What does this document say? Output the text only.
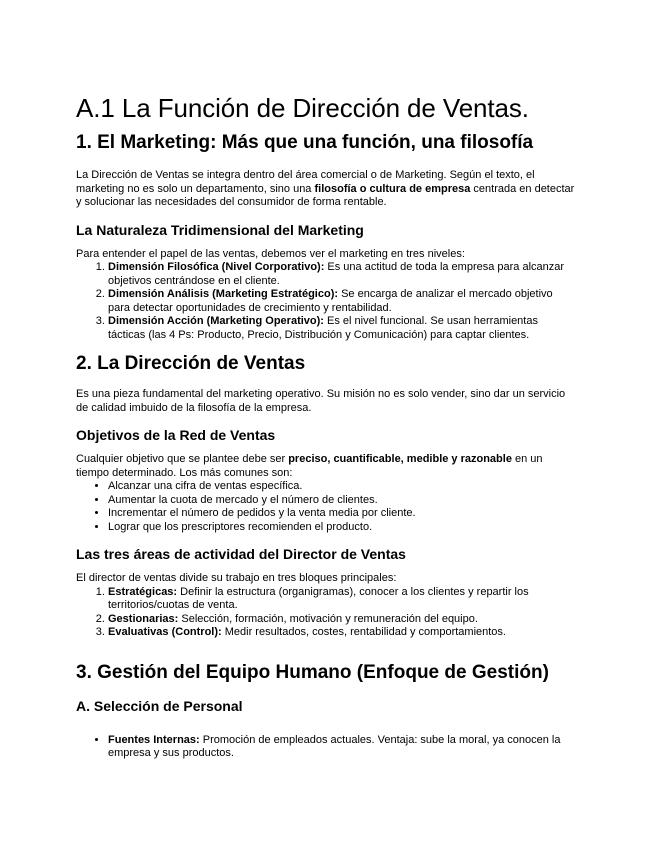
A.1 La Función de Dirección de Ventas.
1. El Marketing: Más que una función, una filosofía

La Dirección de Ventas se integra dentro del área comercial o de Marketing. Según el texto, el marketing no es solo un departamento, sino una filosofía o cultura de empresa centrada en detectar y solucionar las necesidades del consumidor de forma rentable.

La Naturaleza Tridimensional del Marketing

Para entender el papel de las ventas, debemos ver el marketing en tres niveles:

1. Dimensión Filosófica (Nivel Corporativo): Es una actitud de toda la empresa para alcanzar objetivos centrándose en el cliente.
2. Dimensión Análisis (Marketing Estratégico): Se encarga de analizar el mercado objetivo para detectar oportunidades de crecimiento y rentabilidad.
3. Dimensión Acción (Marketing Operativo): Es el nivel funcional. Se usan herramientas tácticas (las 4 Ps: Producto, Precio, Distribución y Comunicación) para captar clientes.
2. La Dirección de Ventas

Es una pieza fundamental del marketing operativo. Su misión no es solo vender, sino dar un servicio de calidad imbuido de la filosofía de la empresa.

Objetivos de la Red de Ventas

Cualquier objetivo que se plantee debe ser preciso, cuantificable, medible y razonable en un tiempo determinado. Los más comunes son:

• Alcanzar una cifra de ventas específica.
• Aumentar la cuota de mercado y el número de clientes.
• Incrementar el número de pedidos y la venta media por cliente.
• Lograr que los prescriptores recomienden el producto.
Las tres áreas de actividad del Director de Ventas

El director de ventas divide su trabajo en tres bloques principales:

1. Estratégicas: Definir la estructura (organigramas), conocer a los clientes y repartir los territorios/cuotas de venta.
2. Gestionarias: Selección, formación, motivación y remuneración del equipo.
3. Evaluativas (Control): Medir resultados, costes, rentabilidad y comportamientos.
3. Gestión del Equipo Humano (Enfoque de Gestión)
A. Selección de Personal
• Fuentes Internas: Promoción de empleados actuales. Ventaja: sube la moral, ya conocen la empresa y sus productos.
